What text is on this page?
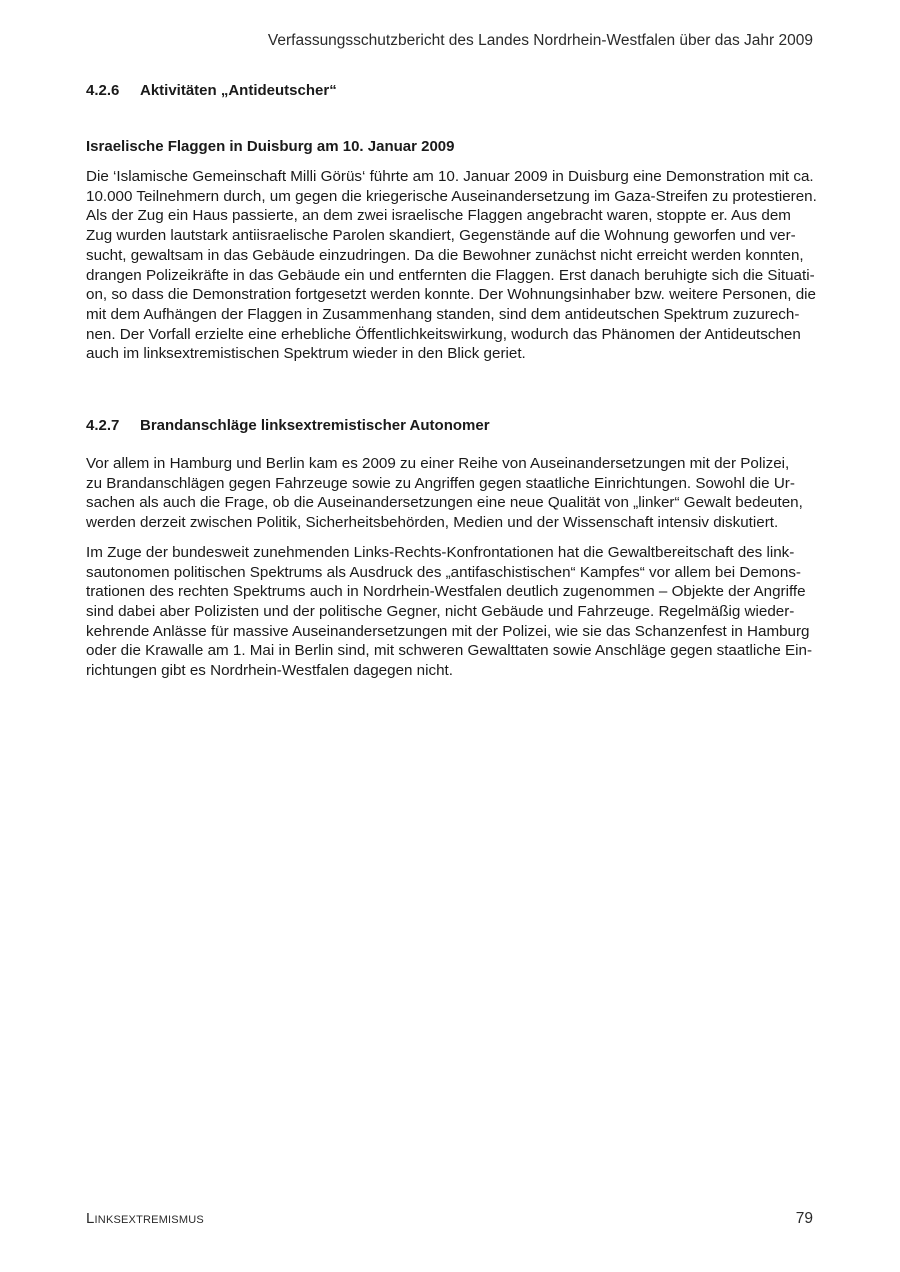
Verfassungsschutzbericht des Landes Nordrhein-Westfalen über das Jahr 2009
4.2.6	Aktivitäten „Antideutscher“
Israelische Flaggen in Duisburg am 10. Januar 2009

Die ‘Islamische Gemeinschaft Milli Görüs‘ führte am 10. Januar 2009 in Duisburg eine Demonstration mit ca.
10.000 Teilnehmern durch, um gegen die kriegerische Auseinandersetzung im Gaza-Streifen zu protestieren.
Als der Zug ein Haus passierte, an dem zwei israelische Flaggen angebracht waren, stoppte er. Aus dem
Zug wurden lautstark antiisraelische Parolen skandiert, Gegenstände auf die Wohnung geworfen und ver-
sucht, gewaltsam in das Gebäude einzudringen. Da die Bewohner zunächst nicht erreicht werden konnten,
drangen Polizeikräfte in das Gebäude ein und entfernten die Flaggen. Erst danach beruhigte sich die Situati-
on, so dass die Demonstration fortgesetzt werden konnte. Der Wohnungsinhaber bzw. weitere Personen, die
mit dem Aufhängen der Flaggen in Zusammenhang standen, sind dem antideutschen Spektrum zuzurech-
nen. Der Vorfall erzielte eine erhebliche Öffentlichkeitswirkung, wodurch das Phänomen der Antideutschen
auch im linksextremistischen Spektrum wieder in den Blick geriet.

4.2.7	Brandanschläge linksextremistischer Autonomer

Vor allem in Hamburg und Berlin kam es 2009 zu einer Reihe von Auseinandersetzungen mit der Polizei,
zu Brandanschlägen gegen Fahrzeuge sowie zu Angriffen gegen staatliche Einrichtungen. Sowohl die Ur-
sachen als auch die Frage, ob die Auseinandersetzungen eine neue Qualität von „linker“ Gewalt bedeuten,
werden derzeit zwischen Politik, Sicherheitsbehörden, Medien und der Wissenschaft intensiv diskutiert.

Im Zuge der bundesweit zunehmenden Links-Rechts-Konfrontationen hat die Gewaltbereitschaft des link-
sautonomen politischen Spektrums als Ausdruck des „antifaschistischen“ Kampfes“ vor allem bei Demons-
trationen des rechten Spektrums auch in Nordrhein-Westfalen deutlich zugenommen – Objekte der Angriffe
sind dabei aber Polizisten und der politische Gegner, nicht Gebäude und Fahrzeuge. Regelmäßig wieder-
kehrende Anlässe für massive Auseinandersetzungen mit der Polizei, wie sie das Schanzenfest in Hamburg
oder die Krawalle am 1. Mai in Berlin sind, mit schweren Gewalttaten sowie Anschläge gegen staatliche Ein-
richtungen gibt es Nordrhein-Westfalen dagegen nicht.

Linksextremismus	79
